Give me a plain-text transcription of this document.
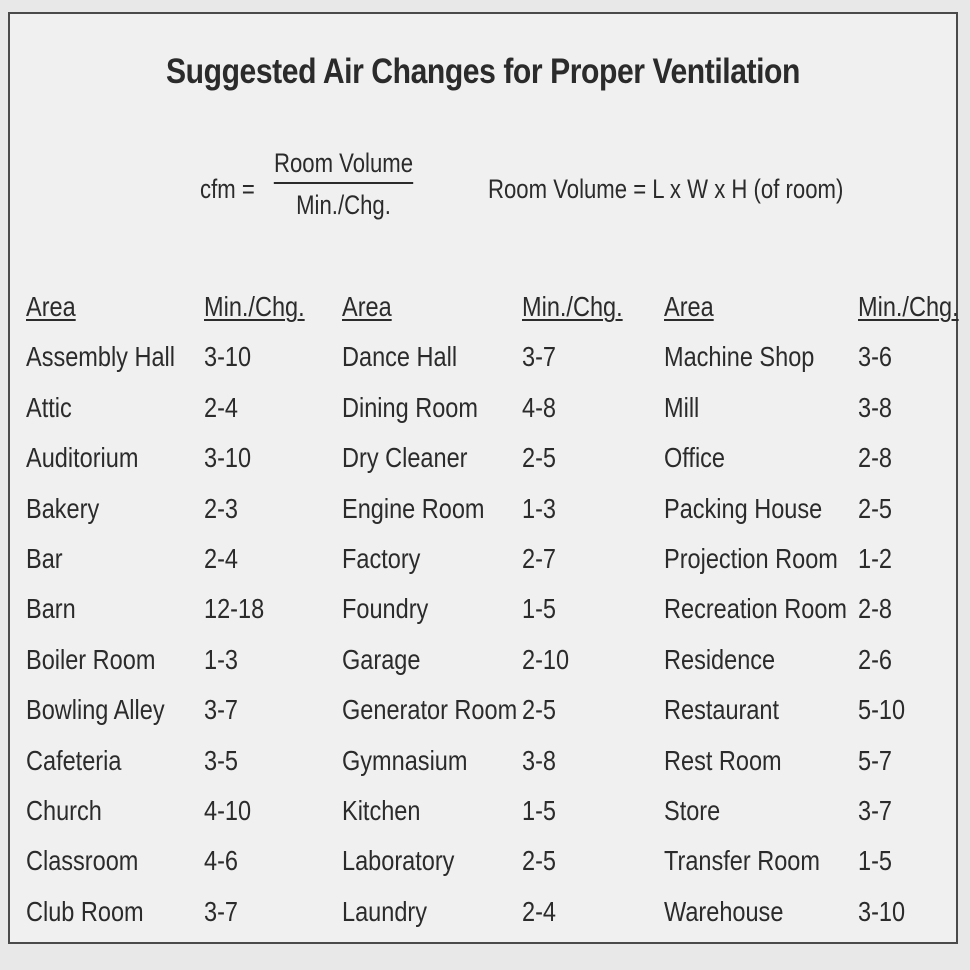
Suggested Air Changes for Proper Ventilation
cfm =
Room Volume
Min./Chg.
Room Volume = L x W x H (of room)
Area
Assembly Hall
Attic
Auditorium
Bakery
Bar
Barn
Boiler Room
Bowling Alley
Cafeteria
Church
Classroom
Club Room
Min./Chg.
3-10
2-4
3-10
2-3
2-4
12-18
1-3
3-7
3-5
4-10
4-6
3-7
Area
Dance Hall
Dining Room
Dry Cleaner
Engine Room
Factory
Foundry
Garage
Generator Room
Gymnasium
Kitchen
Laboratory
Laundry
Min./Chg.
3-7
4-8
2-5
1-3
2-7
1-5
2-10
2-5
3-8
1-5
2-5
2-4
Area
Machine Shop
Mill
Office
Packing House
Projection Room
Recreation Room
Residence
Restaurant
Rest Room
Store
Transfer Room
Warehouse
Min./Chg.
3-6
3-8
2-8
2-5
1-2
2-8
2-6
5-10
5-7
3-7
1-5
3-10
